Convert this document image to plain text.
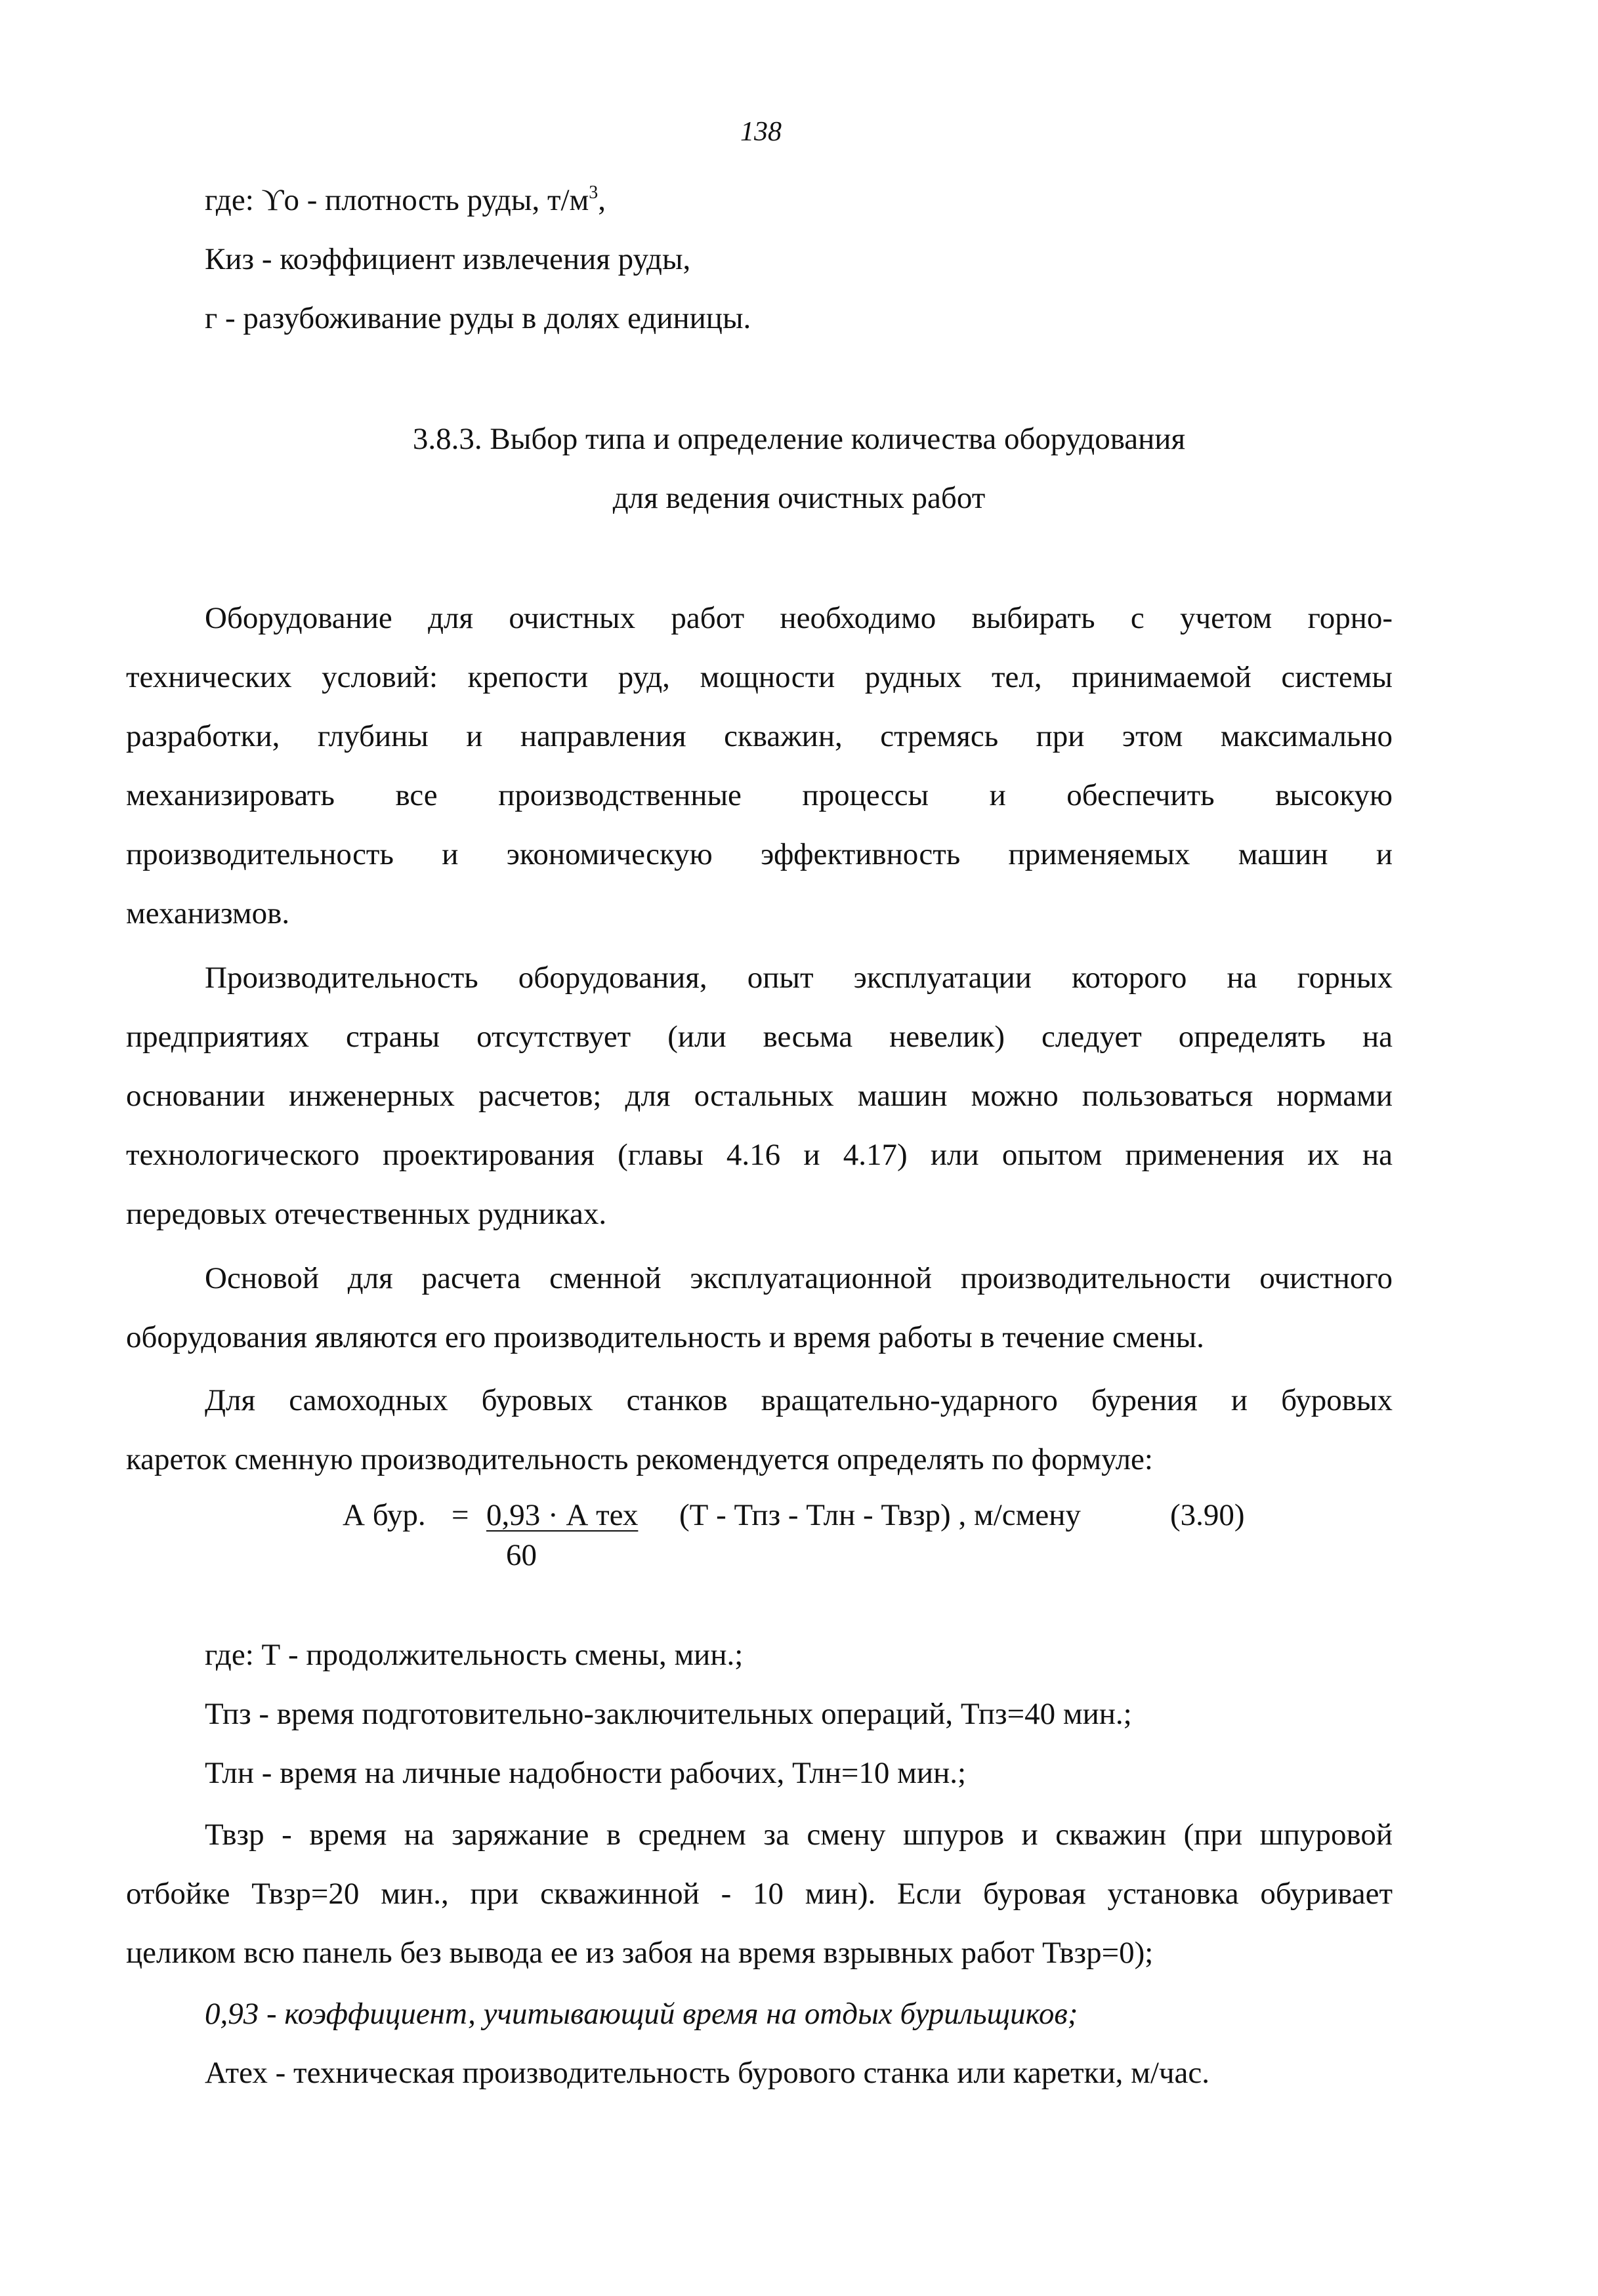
138
где: ϒо - плотность руды, $т/м^3$,
Киз - коэффициент извлечения руды,
г - разубоживание руды в долях единицы.
3.8.3. Выбор типа и определение количества оборудования
для ведения очистных работ
Оборудование для очистных работ необходимо выбирать с учетом горно-
технических условий: крепости руд, мощности рудных тел, принимаемой системы
разработки, глубины и направления скважин, стремясь при этом максимально
механизировать все производственные процессы и обеспечить высокую
производительность и экономическую эффективность применяемых машин и
механизмов.
Производительность оборудования, опыт эксплуатации которого на горных
предприятиях страны отсутствует (или весьма невелик) следует определять на
основании инженерных расчетов; для остальных машин можно пользоваться нормами
технологического проектирования (главы 4.16 и 4.17) или опытом применения их на
передовых отечественных рудниках.
Основой для расчета сменной эксплуатационной производительности очистного
оборудования являются его производительность и время работы в течение смены.
Для самоходных буровых станков вращательно-ударного бурения и буровых
кареток сменную производительность рекомендуется определять по формуле:
А бур. = 0,93 · А тех
60
(Т - Тпз - Тлн - Твзр) , м/смену	(3.90)
где: Т - продолжительность смены, мин.;
Тпз - время подготовительно-заключительных операций, Тпз=40 мин.;
Тлн - время на личные надобности рабочих, Тлн=10 мин.;
Твзр - время на заряжание в среднем за смену шпуров и скважин (при шпуровой
отбойке Твзр=20 мин., при скважинной - 10 мин). Если буровая установка обуривает
целиком всю панель без вывода ее из забоя на время взрывных работ Твзр=0);
0,93 - коэффициент, учитывающий время на отдых бурильщиков;
Атех - техническая производительность бурового станка или каретки, м/час.
